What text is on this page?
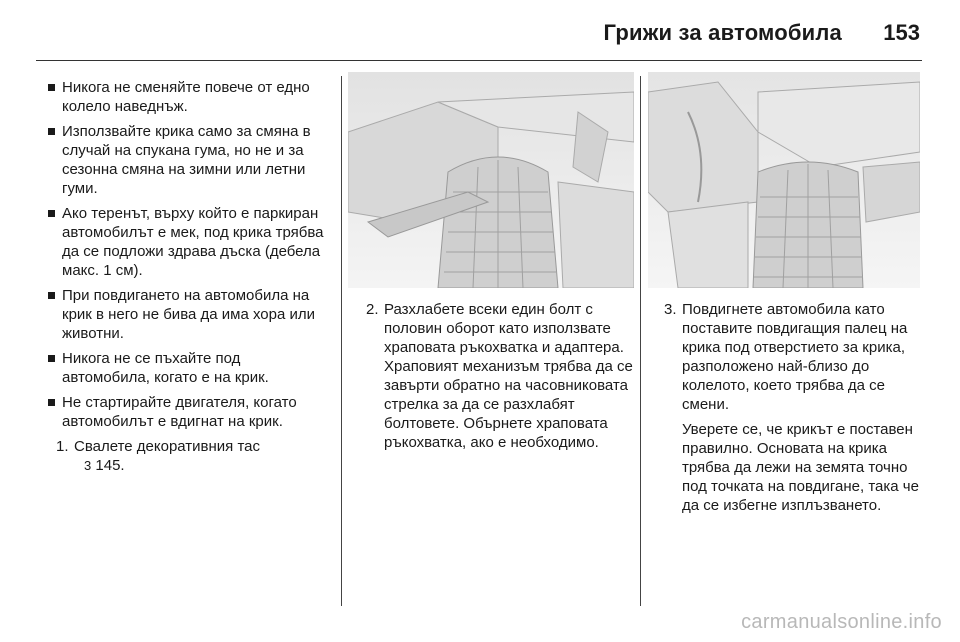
Грижи за автомобила 153
Никога не сменяйте повече от едно колело наведнъж.
Използвайте крика само за смяна в случай на спукана гума, но не и за сезонна смяна на зимни или летни гуми.
Ако теренът, върху който е паркиран автомобилът е мек, под крика трябва да се подложи здрава дъска (дебела макс. 1 см).
При повдигането на автомобила на крик в него не бива да има хора или животни.
Никога не се пъхайте под автомобила, когато е на крик.
Не стартирайте двигателя, когато автомобилът е вдигнат на крик.
1. Свалете декоративния тас
3 145.
2. Разхлабете всеки един болт с половин оборот като използвате храповата ръкохватка и адаптера. Храповият механизъм трябва да се завърти обратно на часовниковата стрелка за да се разхлабят болтовете. Обърнете храповата ръкохватка, ако е необходимо.

3. Повдигнете автомобила като поставите повдигащия палец на крика под отверстието за крика, разположено най-близо до колелото, което трябва да се смени.

Уверете се, че крикът е поставен правилно. Основата на крика трябва да лежи на земята точно под точката на повдигане, така че да се избегне изплъзването.

carmanualsonline.info
